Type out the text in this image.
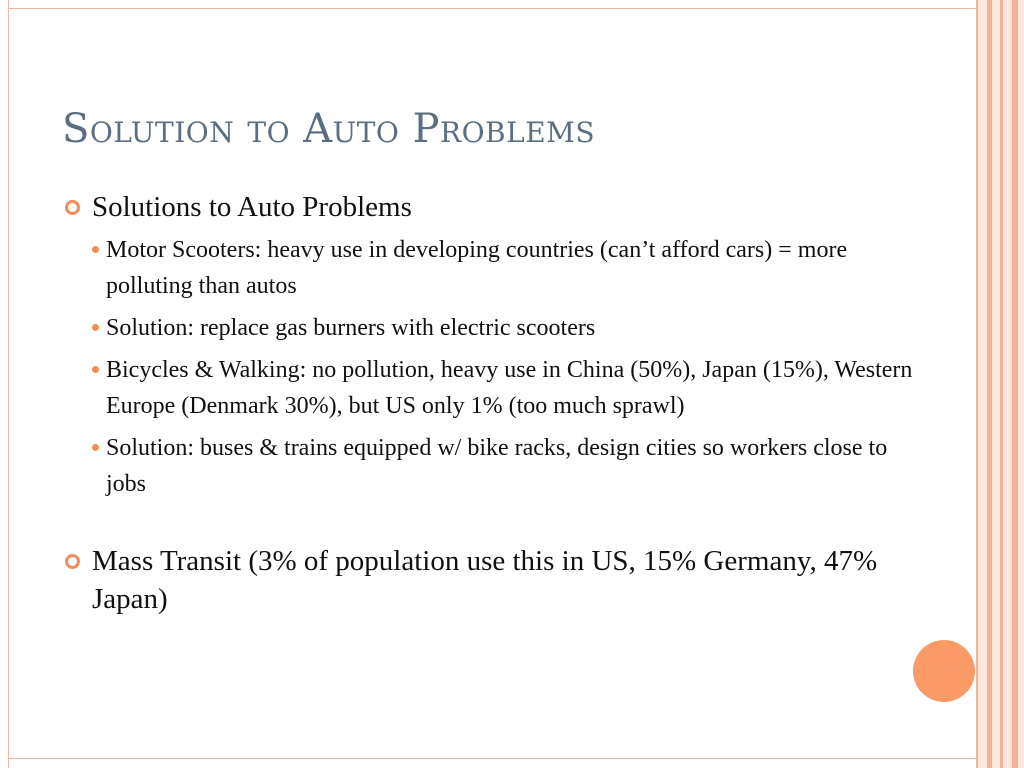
Solution to Auto Problems
Solutions to Auto Problems
Motor Scooters: heavy use in developing countries (can’t afford cars) = more polluting than autos
Solution: replace gas burners with electric scooters
Bicycles & Walking: no pollution, heavy use in China (50%), Japan (15%), Western Europe (Denmark 30%), but US only 1% (too much sprawl)
Solution: buses & trains equipped w/ bike racks, design cities so workers close to jobs
Mass Transit (3% of population use this in US, 15% Germany, 47% Japan)
